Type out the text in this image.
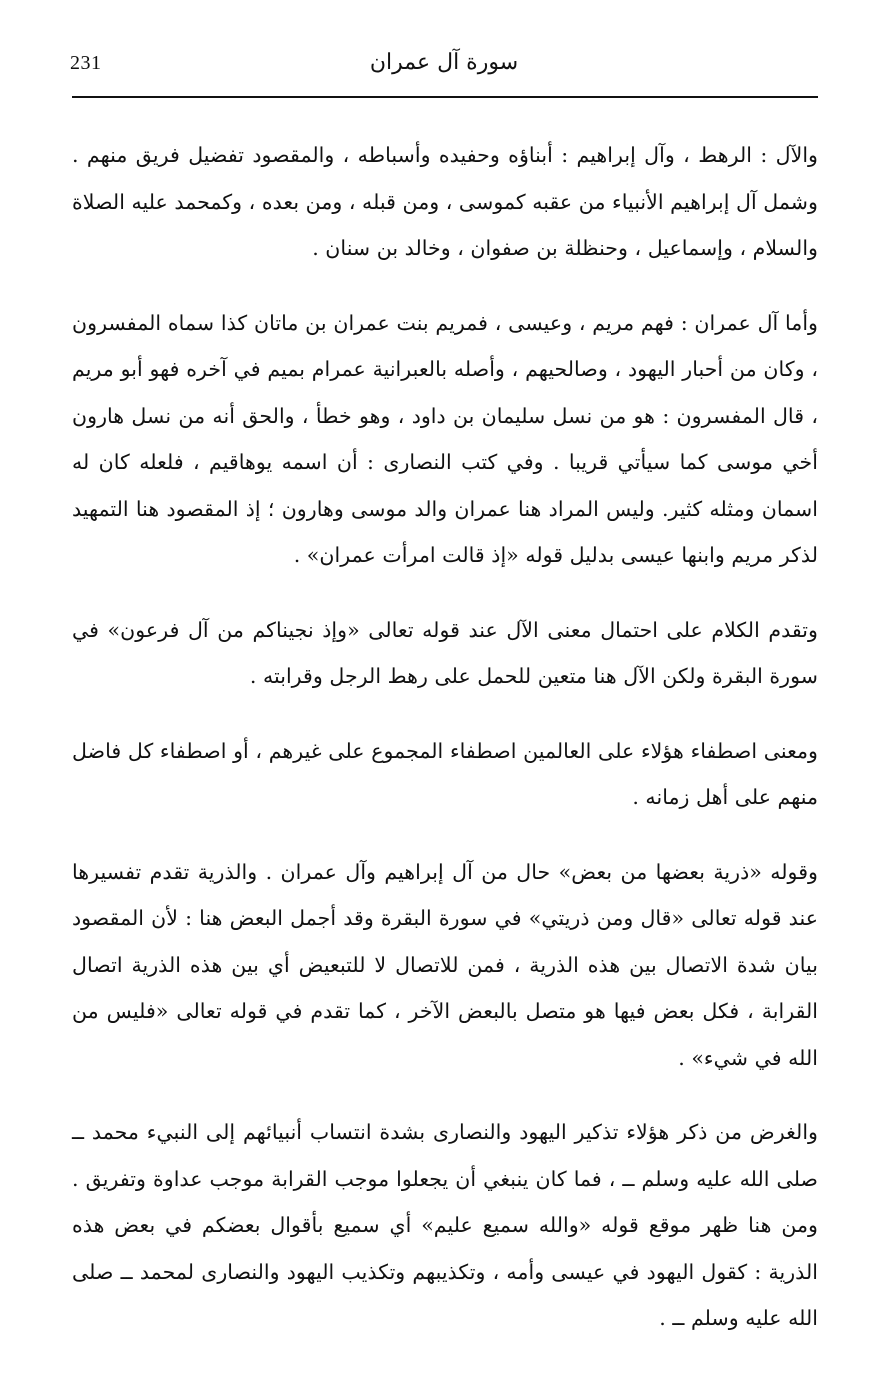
231	سورة آل عمران

والآل : الرهط ، وآل إبراهيم : أبناؤه وحفيده وأسباطه ، والمقصود تفضيل فريق منهم . وشمل آل إبراهيم الأنبياء من عقبه كموسى ، ومن قبله ، ومن بعده ، وكمحمد عليه الصلاة والسلام ، وإسماعيل ، وحنظلة بن صفوان ، وخالد بن سنان .

وأما آل عمران : فهم مريم ، وعيسى ، فمريم بنت عمران بن ماتان كذا سماه المفسرون ، وكان من أحبار اليهود ، وصالحيهم ، وأصله بالعبرانية عمرام بميم في آخره فهو أبو مريم ، قال المفسرون : هو من نسل سليمان بن داود ، وهو خطأ ، والحق أنه من نسل هارون أخي موسى كما سيأتي قريبا . وفي كتب النصارى : أن اسمه يوهاقيم ، فلعله كان له اسمان ومثله كثير. وليس المراد هنا عمران والد موسى وهارون ؛ إذ المقصود هنا التمهيد لذكر مريم وابنها عيسى بدليل قوله «إذ قالت امرأت عمران» .

وتقدم الكلام على احتمال معنى الآل عند قوله تعالى «وإذ نجيناكم من آل فرعون» في سورة البقرة ولكن الآل هنا متعين للحمل على رهط الرجل وقرابته .

ومعنى اصطفاء هؤلاء على العالمين اصطفاء المجموع على غيرهم ، أو اصطفاء كل فاضل منهم على أهل زمانه .

وقوله «ذرية بعضها من بعض» حال من آل إبراهيم وآل عمران . والذرية تقدم تفسيرها عند قوله تعالى «قال ومن ذريتي» في سورة البقرة وقد أجمل البعض هنا : لأن المقصود بيان شدة الاتصال بين هذه الذرية ، فمن للاتصال لا للتبعيض أي بين هذه الذرية اتصال القرابة ، فكل بعض فيها هو متصل بالبعض الآخر ، كما تقدم في قوله تعالى «فليس من الله في شيء» .

والغرض من ذكر هؤلاء تذكير اليهود والنصارى بشدة انتساب أنبيائهم إلى النبيء محمد ــ صلى الله عليه وسلم ــ ، فما كان ينبغي أن يجعلوا موجب القرابة موجب عداوة وتفريق . ومن هنا ظهر موقع قوله «والله سميع عليم» أي سميع بأقوال بعضكم في بعض هذه الذرية : كقول اليهود في عيسى وأمه ، وتكذيبهم وتكذيب اليهود والنصارى لمحمد ــ صلى الله عليه وسلم ــ .
